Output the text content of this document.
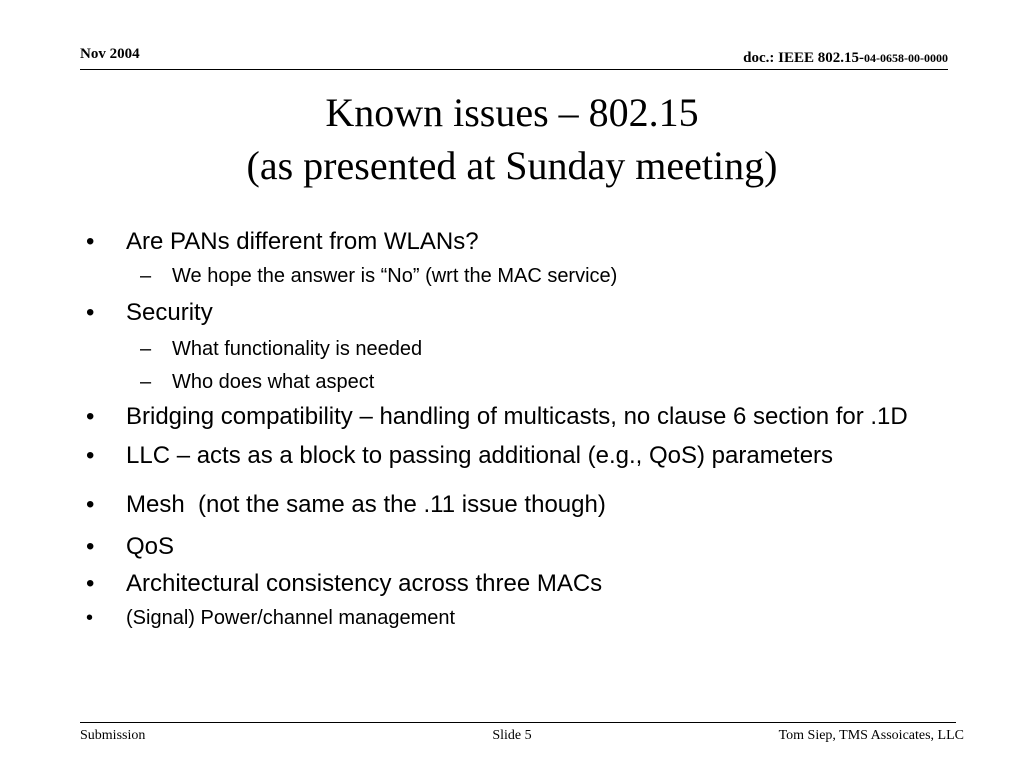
Nov 2004	doc.: IEEE 802.15-04-0658-00-0000
Known issues – 802.15
(as presented at Sunday meeting)
• Are PANs different from WLANs?
– We hope the answer is “No” (wrt the MAC service)
• Security
– What functionality is needed
– Who does what aspect
• Bridging compatibility – handling of multicasts, no clause 6 section for .1D
• LLC – acts as a block to passing additional (e.g., QoS) parameters
• Mesh  (not the same as the .11 issue though)
• QoS
• Architectural consistency across three MACs
• (Signal) Power/channel management
Submission	Slide 5	Tom Siep, TMS Assoicates, LLC
